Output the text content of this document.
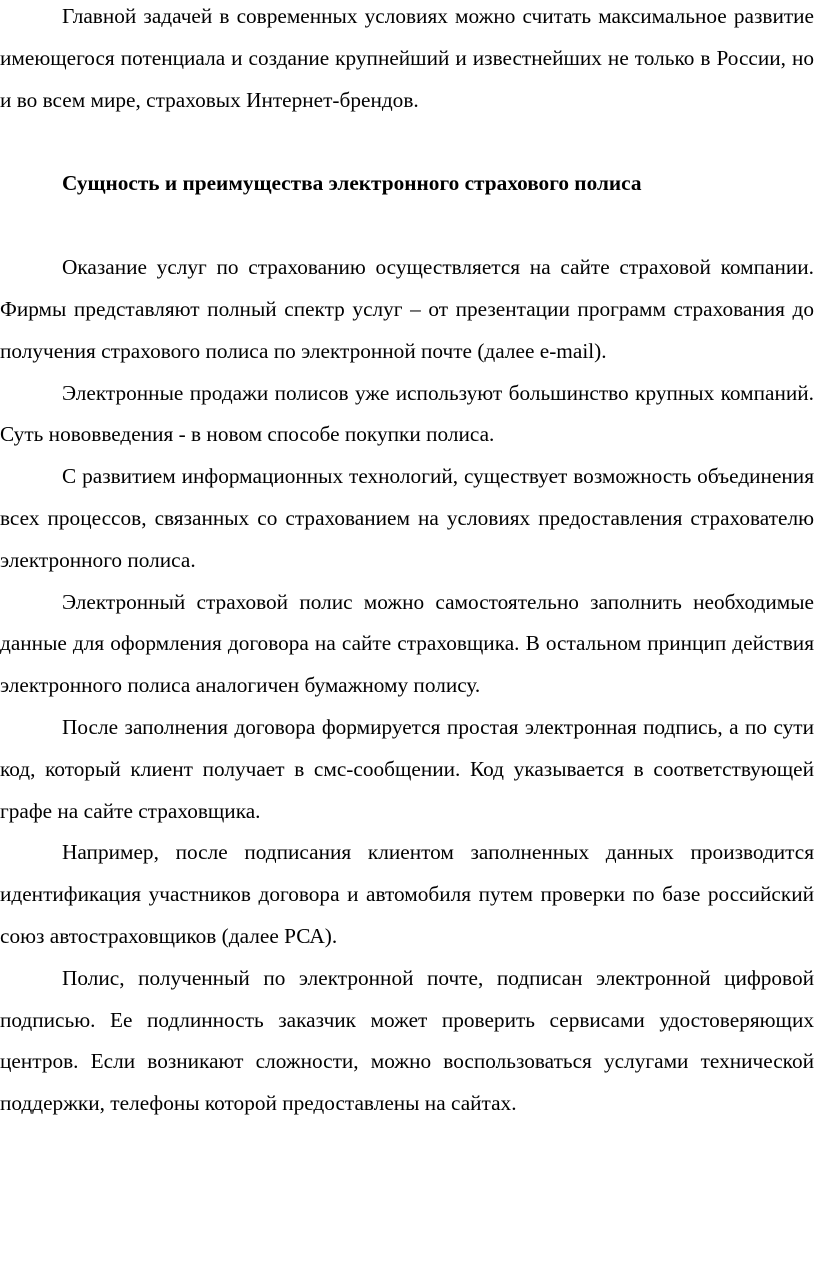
Главной задачей в современных условиях можно считать максимальное развитие имеющегося потенциала и создание крупнейший и известнейших не только в России, но и во всем мире, страховых Интернет-брендов.

Сущность и преимущества электронного страхового полиса

Оказание услуг по страхованию осуществляется на сайте страховой компании. Фирмы представляют полный спектр услуг – от презентации программ страхования до получения страхового полиса по электронной почте (далее e-mail).

Электронные продажи полисов уже используют большинство крупных компаний. Суть нововведения - в новом способе покупки полиса.

С развитием информационных технологий, существует возможность объединения всех процессов, связанных со страхованием на условиях предоставления страхователю электронного полиса.

Электронный страховой полис можно самостоятельно заполнить необходимые данные для оформления договора на сайте страховщика. В остальном принцип действия электронного полиса аналогичен бумажному полису.

После заполнения договора формируется простая электронная подпись, а по сути код, который клиент получает в смс-сообщении. Код указывается в соответствующей графе на сайте страховщика.

Например, после подписания клиентом заполненных данных производится идентификация участников договора и автомобиля путем проверки по базе российский союз автостраховщиков (далее РСА).

Полис, полученный по электронной почте, подписан электронной цифровой подписью. Ее подлинность заказчик может проверить сервисами удостоверяющих центров. Если возникают сложности, можно воспользоваться услугами технической поддержки, телефоны которой предоставлены на сайтах.
